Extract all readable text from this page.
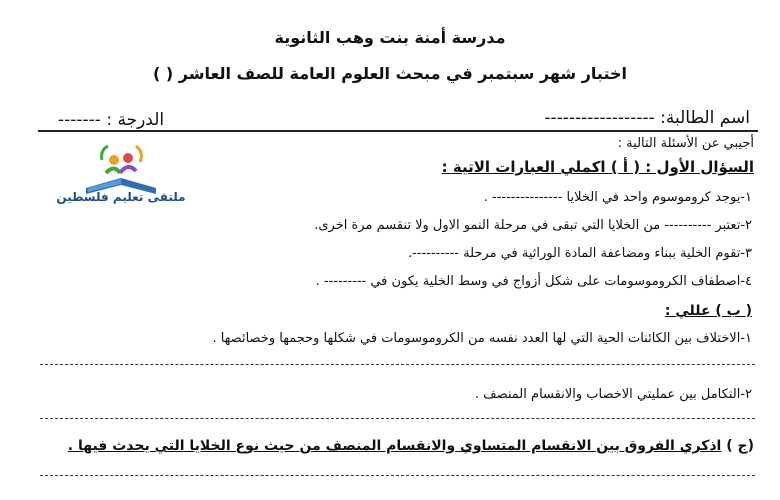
مدرسة أمنة بنت وهب الثانوية
اختبار شهر سبتمبر في مبحث العلوم العامة للصف العاشر ( )
اسم الطالبة: ------------------
الدرجة : -------
أجيبي عن الأسئلة التالية :
ملتقى تعليم فلسطين
السؤال الأول : ( أ ) اكملي العبارات الاتية :
١-يوجد كروموسوم واحد في الخلايا --------------- .
٢-تعتبر ---------- من الخلايا التي تبقى في مرحلة النمو الاول ولا تنقسم مرة اخرى.
٣-تقوم الخلية ببناء ومضاعفة المادة الوراثية في مرحلة ----------.
٤-اصطفاف الكروموسومات على شكل أزواج في وسط الخلية يكون في --------- .
( ب ) عللي :
١-الاختلاف بين الكائنات الحية التي لها العدد نفسه من الكروموسومات في شكلها وحجمها وخصائصها .
٢-التكامل بين عمليتي الاخصاب والانقسام المنصف .
(ج ) اذكري الفروق بين الانقسام المتساوي والانقسام المنصف من حيث نوع الخلايا التي يحدث فيها .
